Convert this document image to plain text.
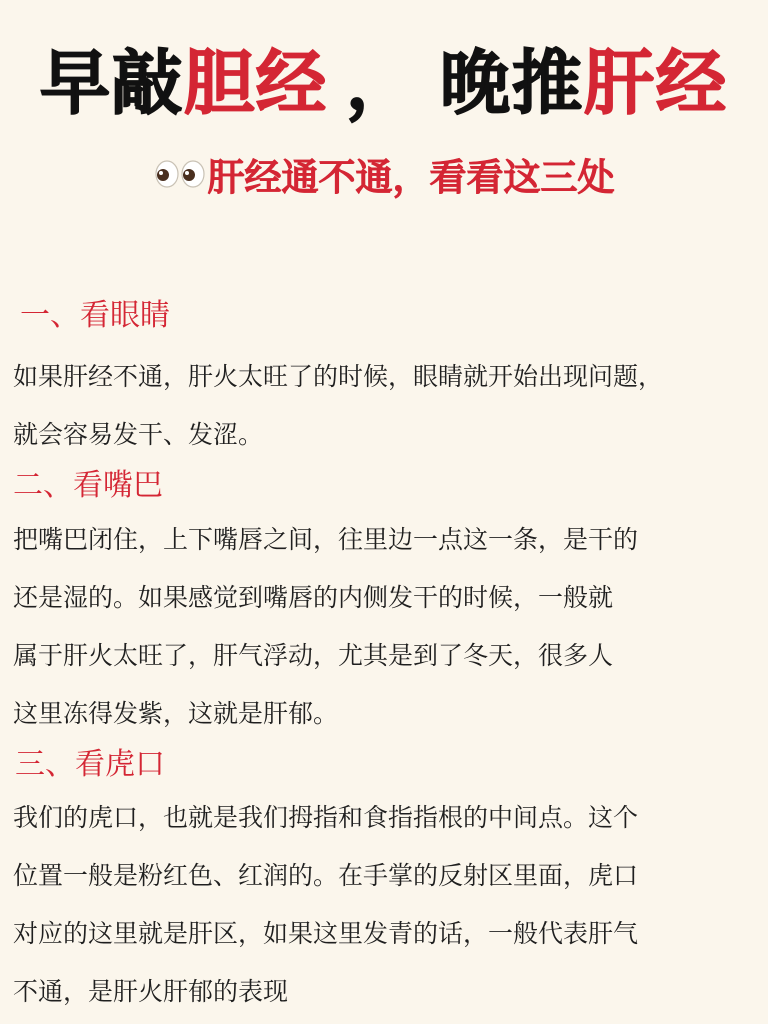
早敲胆经 ， 晚推肝经
肝经通不通，看看这三处
一、看眼睛
如果肝经不通，肝火太旺了的时候，眼睛就开始出现问题，
就会容易发干、发涩。
二、看嘴巴
把嘴巴闭住，上下嘴唇之间，往里边一点这一条，是干的
还是湿的。如果感觉到嘴唇的内侧发干的时候，一般就
属于肝火太旺了，肝气浮动，尤其是到了冬天，很多人
这里冻得发紫，这就是肝郁。
三、看虎口
我们的虎口，也就是我们拇指和食指指根的中间点。这个
位置一般是粉红色、红润的。在手掌的反射区里面，虎口
对应的这里就是肝区，如果这里发青的话，一般代表肝气
不通，是肝火肝郁的表现
